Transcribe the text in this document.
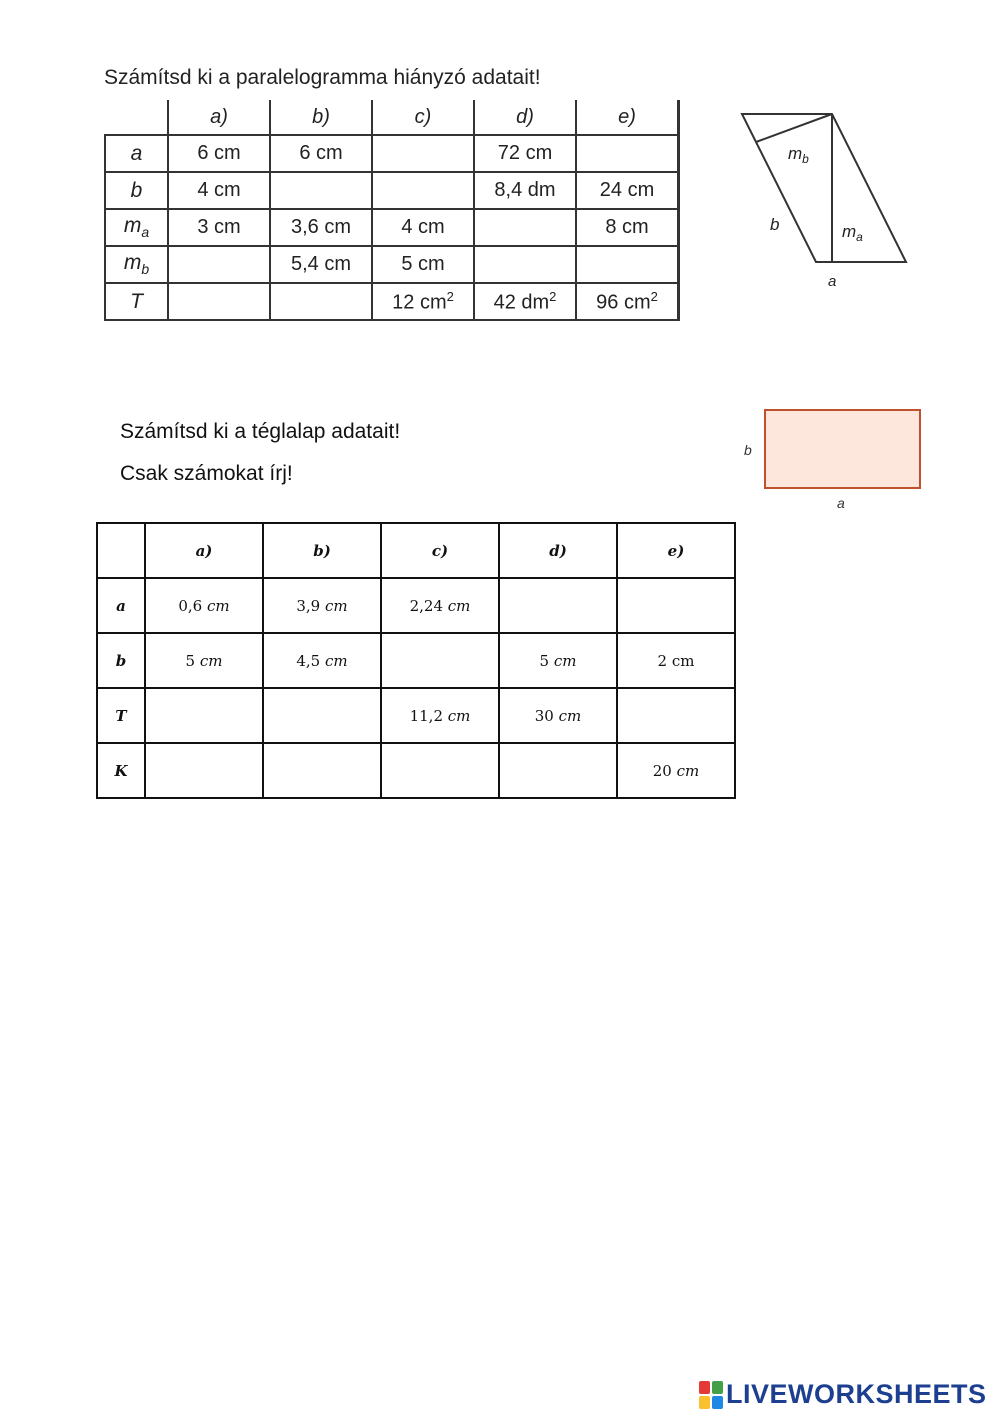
Számítsd ki a paralelogramma hiányzó adatait!
	a)	b)	c)	d)	e)
a	6 cm	6 cm		72 cm	
b	4 cm			8,4 dm	24 cm
$m_a$	3 cm	3,6 cm	4 cm		8 cm
$m_b$		5,4 cm	5 cm		
T			12 $cm^2$	42 $dm^2$	96 $cm^2$
$m_b$
b	$m_a$
a
Számítsd ki a téglalap adatait!
Csak számokat írj!
b
a
	a)	b)	c)	d)	e)
a	0,6 cm	3,9 cm	2,24 cm		
b	5 cm	4,5 cm		5 cm	2 cm
T			11,2 cm	30 cm	
K					20 cm
LIVEWORKSHEETS
